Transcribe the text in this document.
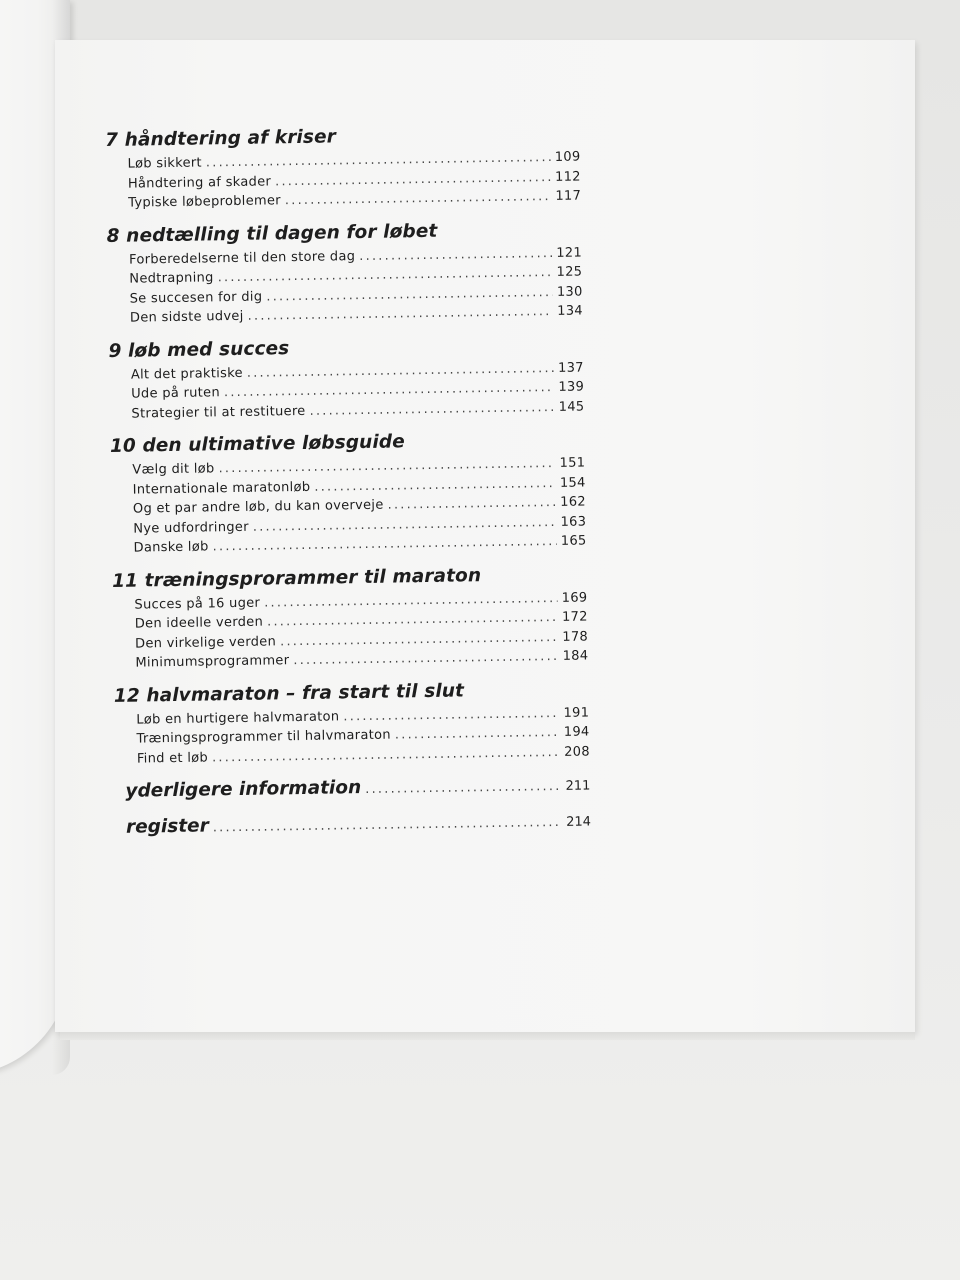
7 håndtering af kriser
Løb sikkert .....	109
Håndtering af skader .....	112
Typiske løbeproblemer .....	117
8 nedtælling til dagen for løbet
Forberedelserne til den store dag .....	121
Nedtrapning .....	125
Se succesen for dig .....	130
Den sidste udvej .....	134
9 løb med succes
Alt det praktiske .....	137
Ude på ruten .....	139
Strategier til at restituere .....	145
10 den ultimative løbsguide
Vælg dit løb .....	151
Internationale maratonløb .....	154
Og et par andre løb, du kan overveje .....	162
Nye udfordringer .....	163
Danske løb .....	165
11 træningsprorammer til maraton
Succes på 16 uger .....	169
Den ideelle verden .....	172
Den virkelige verden .....	178
Minimumsprogrammer .....	184
12 halvmaraton – fra start til slut
Løb en hurtigere halvmaraton .....	191
Træningsprogrammer til halvmaraton .....	194
Find et løb .....	208
yderligere information .....	211
register .....	214
